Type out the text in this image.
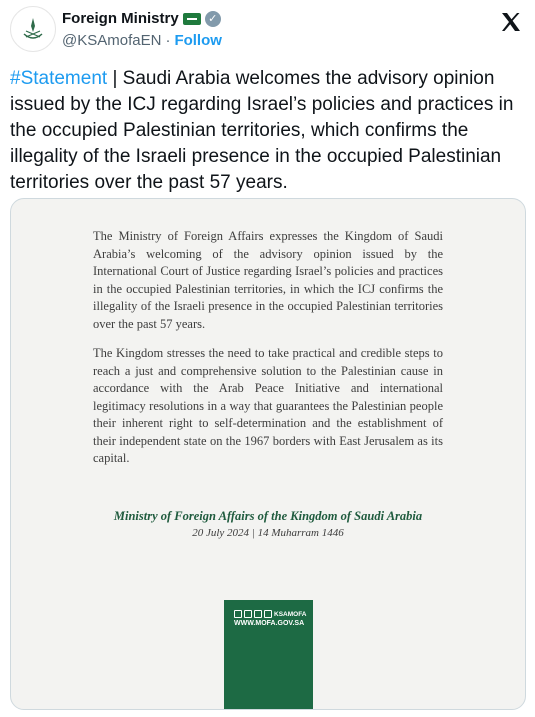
Foreign Ministry	✓
@KSAmofaEN · Follow

#Statement | Saudi Arabia welcomes the advisory opinion issued by the ICJ regarding Israel’s policies and practices in the occupied Palestinian territories, which confirms the illegality of the Israeli presence in the occupied Palestinian territories over the past 57 years.

The Ministry of Foreign Affairs expresses the Kingdom of Saudi Arabia’s welcoming of the advisory opinion issued by the International Court of Justice regarding Israel’s policies and practices in the occupied Palestinian territories, in which the ICJ confirms the illegality of the Israeli presence in the occupied Palestinian territories over the past 57 years.

The Kingdom stresses the need to take practical and credible steps to reach a just and comprehensive solution to the Palestinian cause in accordance with the Arab Peace Initiative and international legitimacy resolutions in a way that guarantees the Palestinian people their inherent right to self-determination and the establishment of their independent state on the 1967 borders with East Jerusalem as its capital.

Ministry of Foreign Affairs of the Kingdom of Saudi Arabia
20 July 2024 | 14 Muharram 1446
KSAMOFA
WWW.MOFA.GOV.SA
